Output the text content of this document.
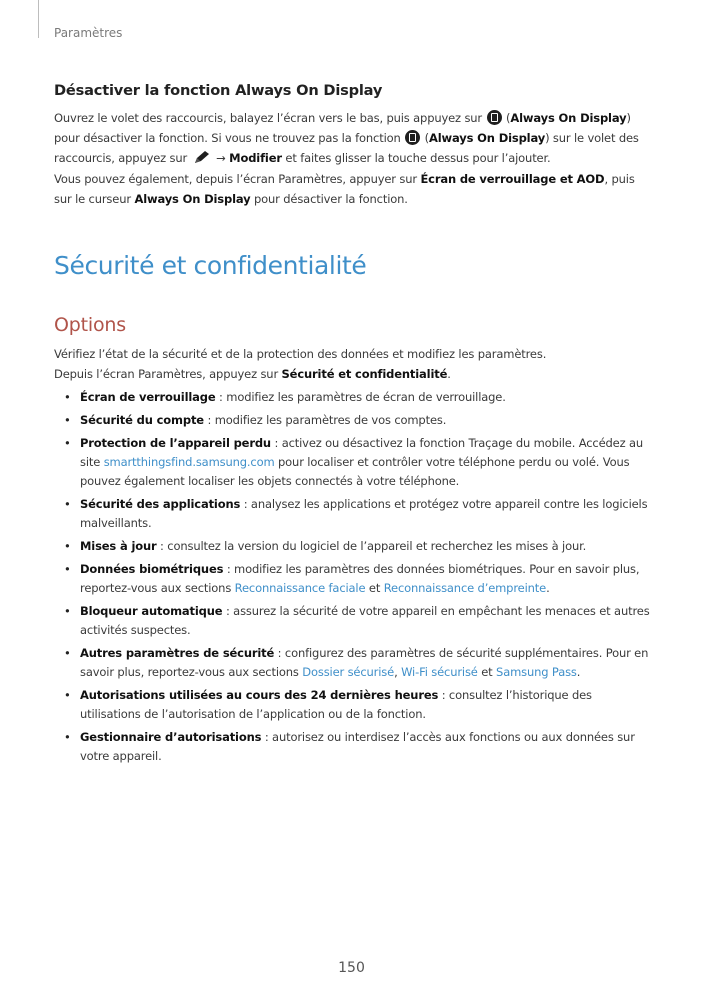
Paramètres
Désactiver la fonction Always On Display

Ouvrez le volet des raccourcis, balayez l’écran vers le bas, puis appuyez sur (Always On Display) pour désactiver la fonction. Si vous ne trouvez pas la fonction (Always On Display) sur le volet des raccourcis, appuyez sur	→ Modifier et faites glisser la touche dessus pour l’ajouter.

Vous pouvez également, depuis l’écran Paramètres, appuyer sur Écran de verrouillage et AOD, puis sur le curseur Always On Display pour désactiver la fonction.

Sécurité et confidentialité
Options

Vérifiez l’état de la sécurité et de la protection des données et modifiez les paramètres.

Depuis l’écran Paramètres, appuyez sur Sécurité et confidentialité.

• Écran de verrouillage : modifiez les paramètres de écran de verrouillage.
• Sécurité du compte : modifiez les paramètres de vos comptes.
• Protection de l’appareil perdu : activez ou désactivez la fonction Traçage du mobile. Accédez au site smartthingsfind.samsung.com pour localiser et contrôler votre téléphone perdu ou volé. Vous pouvez également localiser les objets connectés à votre téléphone.
• Sécurité des applications : analysez les applications et protégez votre appareil contre les logiciels malveillants.
• Mises à jour : consultez la version du logiciel de l’appareil et recherchez les mises à jour.
• Données biométriques : modifiez les paramètres des données biométriques. Pour en savoir plus, reportez-vous aux sections Reconnaissance faciale et Reconnaissance d’empreinte.
• Bloqueur automatique : assurez la sécurité de votre appareil en empêchant les menaces et autres activités suspectes.
• Autres paramètres de sécurité : configurez des paramètres de sécurité supplémentaires. Pour en savoir plus, reportez-vous aux sections Dossier sécurisé, Wi-Fi sécurisé et Samsung Pass.
• Autorisations utilisées au cours des 24 dernières heures : consultez l’historique des utilisations de l’autorisation de l’application ou de la fonction.
• Gestionnaire d’autorisations : autorisez ou interdisez l’accès aux fonctions ou aux données sur votre appareil.
150
